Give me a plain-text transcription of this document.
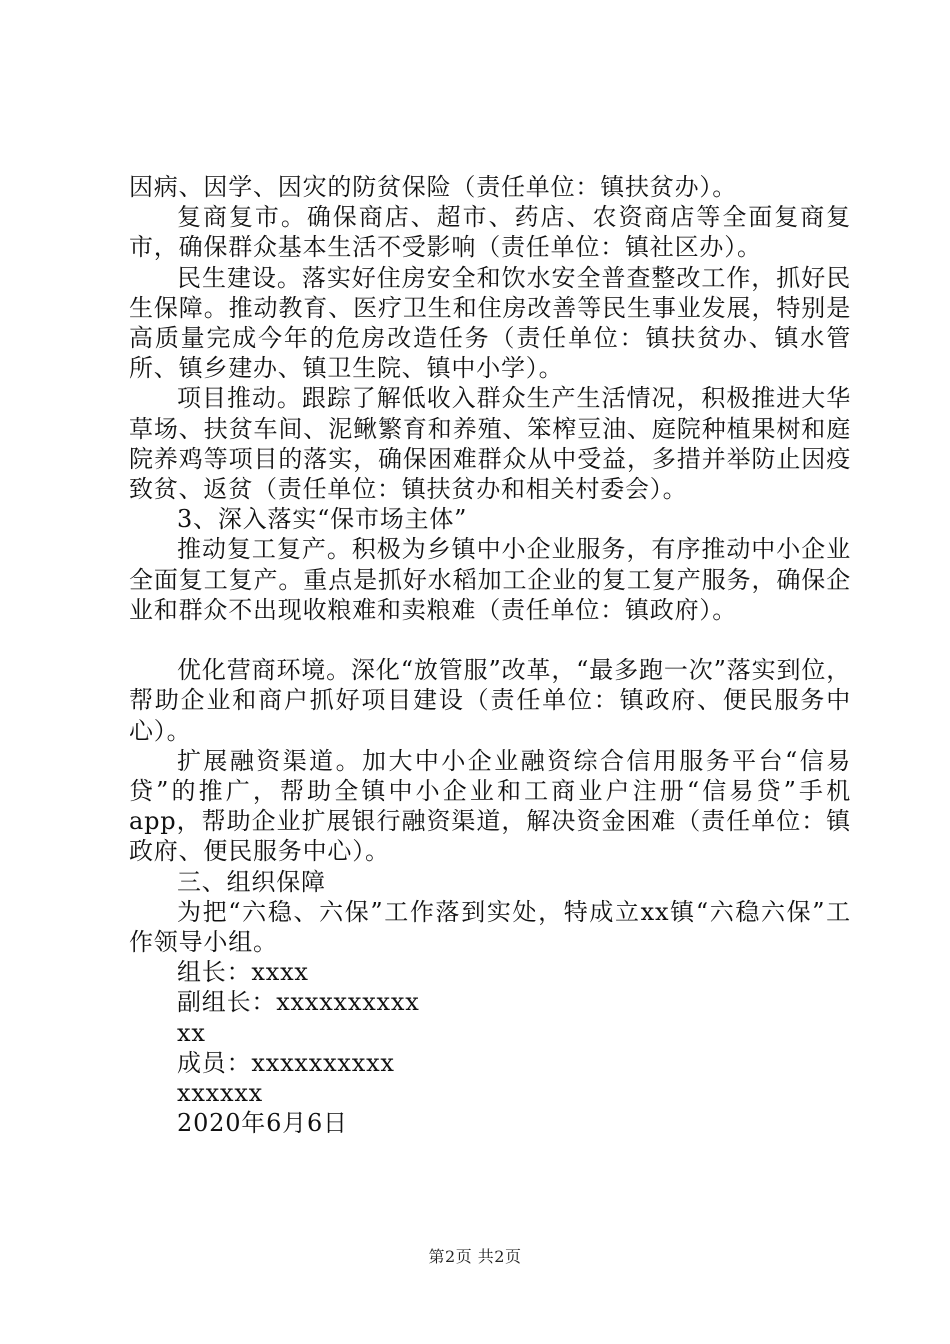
因病、因学、因灾的防贫保险（责任单位：镇扶贫办）。

复商复市。确保商店、超市、药店、农资商店等全面复商复市，确保群众基本生活不受影响（责任单位：镇社区办）。

民生建设。落实好住房安全和饮水安全普查整改工作，抓好民生保障。推动教育、医疗卫生和住房改善等民生事业发展，特别是高质量完成今年的危房改造任务（责任单位：镇扶贫办、镇水管所、镇乡建办、镇卫生院、镇中小学）。

项目推动。跟踪了解低收入群众生产生活情况，积极推进大华草场、扶贫车间、泥鳅繁育和养殖、笨榨豆油、庭院种植果树和庭院养鸡等项目的落实，确保困难群众从中受益，多措并举防止因疫致贫、返贫（责任单位：镇扶贫办和相关村委会）。

3、深入落实“保市场主体”

推动复工复产。积极为乡镇中小企业服务，有序推动中小企业全面复工复产。重点是抓好水稻加工企业的复工复产服务，确保企业和群众不出现收粮难和卖粮难（责任单位：镇政府）。

优化营商环境。深化“放管服”改革，“最多跑一次”落实到位，帮助企业和商户抓好项目建设（责任单位：镇政府、便民服务中心）。

扩展融资渠道。加大中小企业融资综合信用服务平台“信易贷”的推广，帮助全镇中小企业和工商业户注册“信易贷”手机app，帮助企业扩展银行融资渠道，解决资金困难（责任单位：镇政府、便民服务中心）。

三、组织保障

为把“六稳、六保”工作落到实处，特成立xx镇“六稳六保”工作领导小组。

组长：xxxx

副组长：xxxxxxxxxx

xx

成员：xxxxxxxxxx

xxxxxx

2020年6月6日

第2页 共2页
